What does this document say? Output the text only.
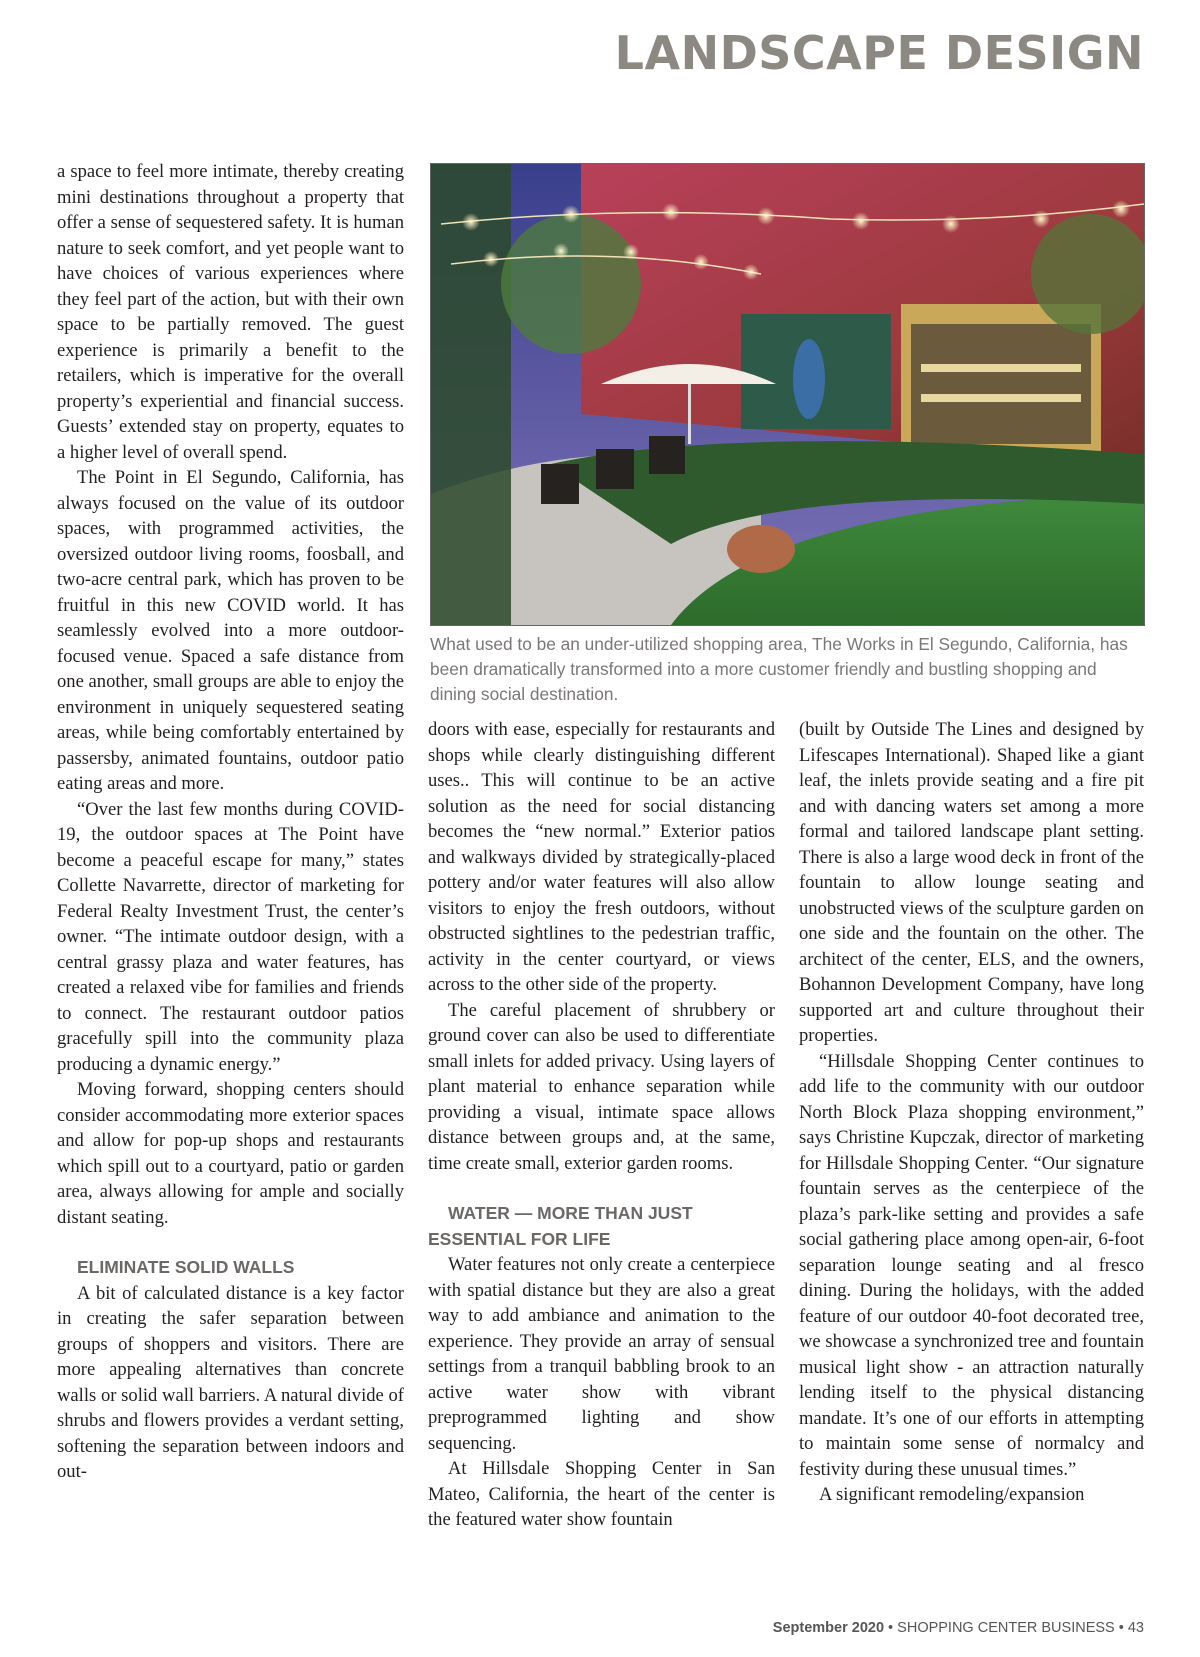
LANDSCAPE DESIGN

a space to feel more intimate, thereby creating mini destinations throughout a property that offer a sense of sequestered safety. It is human nature to seek comfort, and yet people want to have choices of various experiences where they feel part of the action, but with their own space to be partially removed. The guest experience is primarily a benefit to the retailers, which is imperative for the overall property’s experiential and financial success. Guests’ extended stay on property, equates to a higher level of overall spend.

The Point in El Segundo, California, has always focused on the value of its outdoor spaces, with programmed activities, the oversized outdoor living rooms, foosball, and two-acre central park, which has proven to be fruitful in this new COVID world. It has seamlessly evolved into a more outdoor-focused venue. Spaced a safe distance from one another, small groups are able to enjoy the environment in uniquely sequestered seating areas, while being comfortably entertained by passersby, animated fountains, outdoor patio eating areas and more.

“Over the last few months during COVID-19, the outdoor spaces at The Point have become a peaceful escape for many,” states Collette Navarrette, director of marketing for Federal Realty Investment Trust, the center’s owner. “The intimate outdoor design, with a central grassy plaza and water features, has created a relaxed vibe for families and friends to connect. The restaurant outdoor patios gracefully spill into the community plaza producing a dynamic energy.”

Moving forward, shopping centers should consider accommodating more exterior spaces and allow for pop-up shops and restaurants which spill out to a courtyard, patio or garden area, always allowing for ample and socially distant seating.

ELIMINATE SOLID WALLS

A bit of calculated distance is a key factor in creating the safer separation between groups of shoppers and visitors. There are more appealing alternatives than concrete walls or solid wall barriers. A natural divide of shrubs and flowers provides a verdant setting, softening the separation between indoors and out-

What used to be an under-utilized shopping area, The Works in El Segundo, California, has been dramatically transformed into a more customer friendly and bustling shopping and dining social destination.

doors with ease, especially for restaurants and shops while clearly distinguishing different uses.. This will continue to be an active solution as the need for social distancing becomes the “new normal.” Exterior patios and walkways divided by strategically-placed pottery and/or water features will also allow visitors to enjoy the fresh outdoors, without obstructed sightlines to the pedestrian traffic, activity in the center courtyard, or views across to the other side of the property.

The careful placement of shrubbery or ground cover can also be used to differentiate small inlets for added privacy. Using layers of plant material to enhance separation while providing a visual, intimate space allows distance between groups and, at the same, time create small, exterior garden rooms.

WATER — MORE THAN JUST ESSENTIAL FOR LIFE

Water features not only create a centerpiece with spatial distance but they are also a great way to add ambiance and animation to the experience. They provide an array of sensual settings from a tranquil babbling brook to an active water show with vibrant preprogrammed lighting and show sequencing.

At Hillsdale Shopping Center in San Mateo, California, the heart of the center is the featured water show fountain

(built by Outside The Lines and designed by Lifescapes International). Shaped like a giant leaf, the inlets provide seating and a fire pit and with dancing waters set among a more formal and tailored landscape plant setting. There is also a large wood deck in front of the fountain to allow lounge seating and unobstructed views of the sculpture garden on one side and the fountain on the other. The architect of the center, ELS, and the owners, Bohannon Development Company, have long supported art and culture throughout their properties.

“Hillsdale Shopping Center continues to add life to the community with our outdoor North Block Plaza shopping environment,” says Christine Kupczak, director of marketing for Hillsdale Shopping Center. “Our signature fountain serves as the centerpiece of the plaza’s park-like setting and provides a safe social gathering place among open-air, 6-foot separation lounge seating and al fresco dining. During the holidays, with the added feature of our outdoor 40-foot decorated tree, we showcase a synchronized tree and fountain musical light show - an attraction naturally lending itself to the physical distancing mandate. It’s one of our efforts in attempting to maintain some sense of normalcy and festivity during these unusual times.”

A significant remodeling/expansion

September 2020 • SHOPPING CENTER BUSINESS • 43
